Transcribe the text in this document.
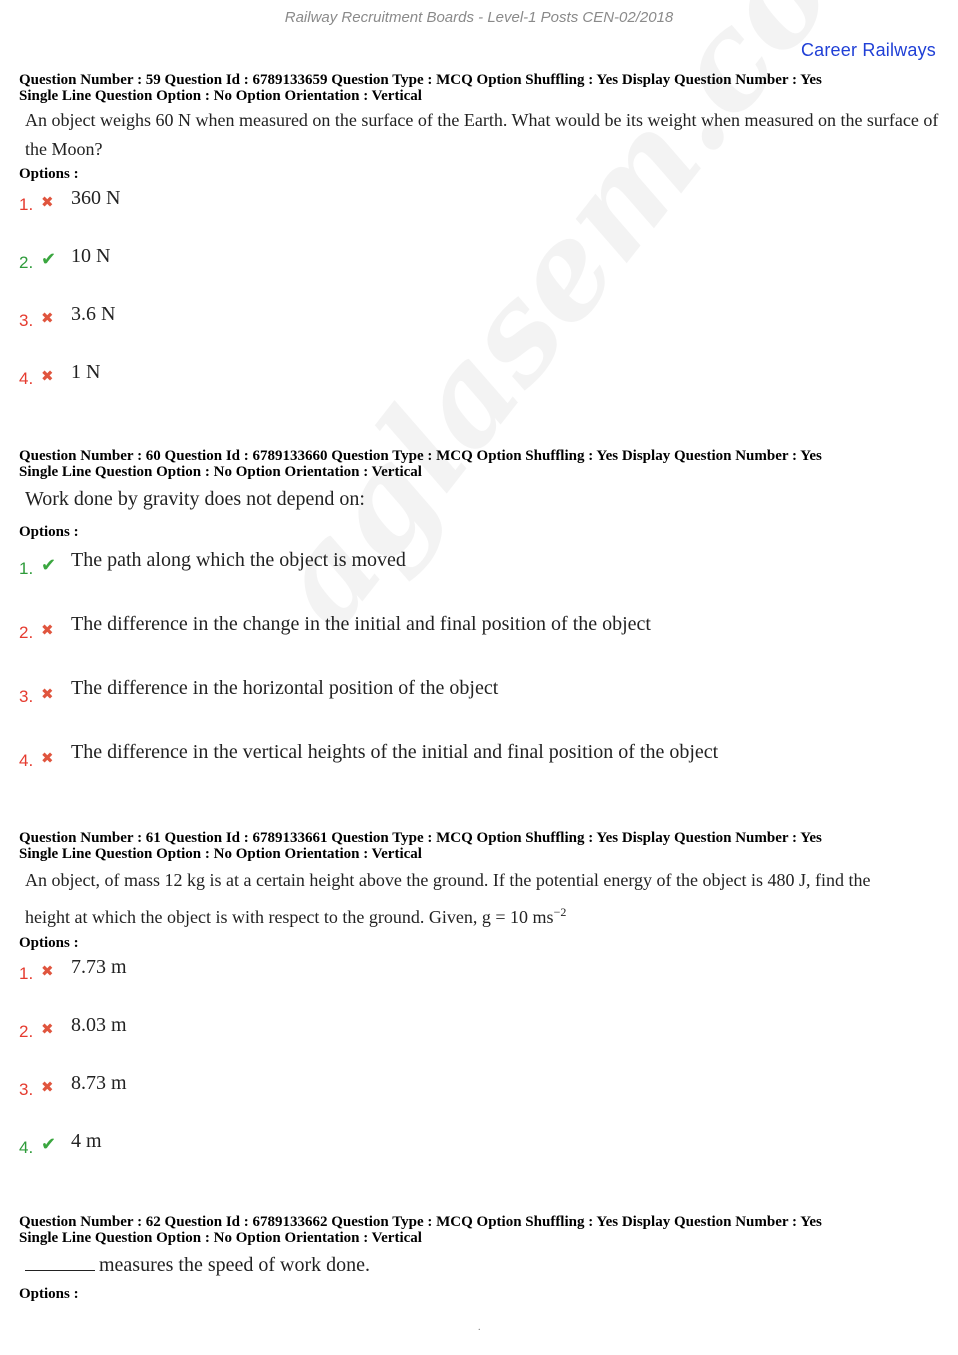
Railway Recruitment Boards - Level-1 Posts CEN-02/2018
Career Railways
Question Number : 59 Question Id : 6789133659 Question Type : MCQ Option Shuffling : Yes Display Question Number : Yes
Single Line Question Option : No Option Orientation : Vertical
An object weighs 60 N when measured on the surface of the Earth. What would be its weight when measured on the surface of the Moon?
Options :
1. ✖ 360 N
2. ✔ 10 N
3. ✖ 3.6 N
4. ✖ 1 N
Question Number : 60 Question Id : 6789133660 Question Type : MCQ Option Shuffling : Yes Display Question Number : Yes
Single Line Question Option : No Option Orientation : Vertical
Work done by gravity does not depend on:
Options :
1. ✔ The path along which the object is moved
2. ✖ The difference in the change in the initial and final position of the object
3. ✖ The difference in the horizontal position of the object
4. ✖ The difference in the vertical heights of the initial and final position of the object
Question Number : 61 Question Id : 6789133661 Question Type : MCQ Option Shuffling : Yes Display Question Number : Yes
Single Line Question Option : No Option Orientation : Vertical
An object, of mass 12 kg is at a certain height above the ground. If the potential energy of the object is 480 J, find the
height at which the object is with respect to the ground. Given, g = 10 $ms^{-2}$
Options :
1. ✖ 7.73 m
2. ✖ 8.03 m
3. ✖ 8.73 m
4. ✔ 4 m
Question Number : 62 Question Id : 6789133662 Question Type : MCQ Option Shuffling : Yes Display Question Number : Yes
Single Line Question Option : No Option Orientation : Vertical
measures the speed of work done.
Options :
.
